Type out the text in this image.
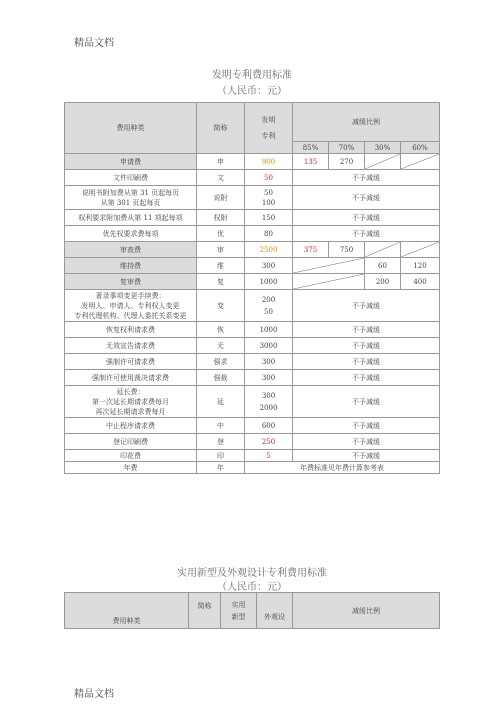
精品文档
发明专利费用标准
（人民币：元）
费用种类	简称	发明
专利	减缓比例			
			85%	70%	30%	60%
申请费	申	900	135	270	

文件印刷费	文	50	不予减缓			
说明书附加费从第 31 页起每页
从第 301 页起每页	说附	50
100	不予减缓			
权利要求附加费从第 11 项起每项	权附	150	不予减缓			
优先权要求费每项	优	80	不予减缓			
审查费	审	2500	375	750	

维持费	维	300			60	120
复审费	复	1000			200	400
著录事项变更手续费：
发明人、申请人、专利权人变更
专利代理机构、代理人委托关系变更	变	200
50	不予减缓			
恢复权利请求费	恢	1000	不予减缓			
无效宣告请求费	无	3000	不予减缓			
强制许可请求费	强求	300	不予减缓			
强制许可使用裁决请求费	强裁	300	不予减缓			
延长费：
第一次延长期请求费每月
再次延长期请求费每月	延	300
2000	不予减缓			
中止程序请求费	中	600	不予减缓			
登记印刷费	登	250	不予减缓			
印花费	印	5	不予减缓			
年费	年	年费标准见年费计算参考表				
实用新型及外观设计专利费用标准
（人民币：元）
费用种类	简称	实用
新型	外观设	减缓比例
精品文档
